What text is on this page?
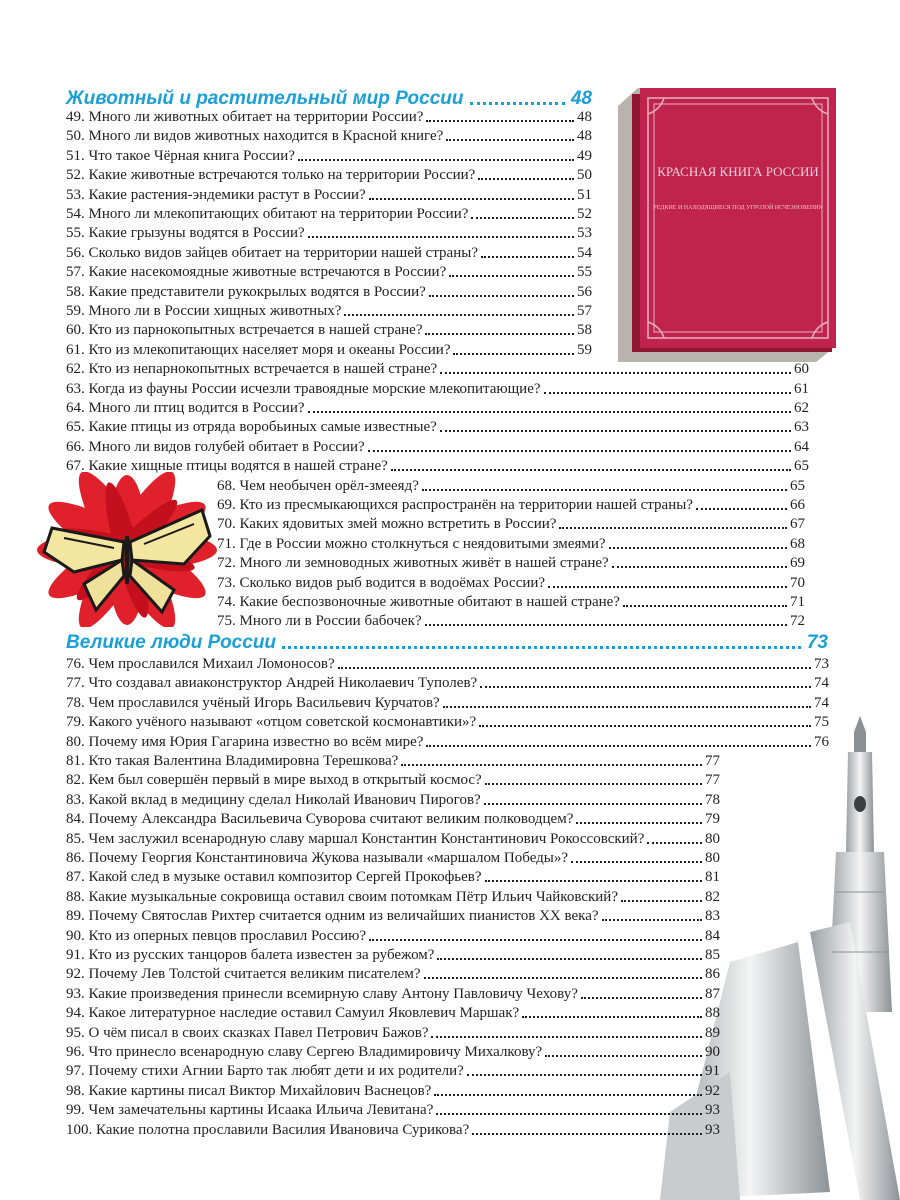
КРАСНАЯ КНИГА РОССИИ
РЕДКИЕ И НАХОДЯЩИЕСЯ ПОД УГРОЗОЙ ИСЧЕЗНОВЕНИЯ
Животный и растительный мир России	48
49. Много ли животных обитает на территории России?	48
50. Много ли видов животных находится в Красной книге?	48
51. Что такое Чёрная книга России?	49
52. Какие животные встречаются только на территории России?	50
53. Какие растения-эндемики растут в России?	51
54. Много ли млекопитающих обитают на территории России?	52
55. Какие грызуны водятся в России?	53
56. Сколько видов зайцев обитает на территории нашей страны?	54
57. Какие насекомоядные животные встречаются в России?	55
58. Какие представители рукокрылых водятся в России?	56
59. Много ли в России хищных животных?	57
60. Кто из парнокопытных встречается в нашей стране?	58
61. Кто из млекопитающих населяет моря и океаны России?	59
62. Кто из непарнокопытных встречается в нашей стране?	60
63. Когда из фауны России исчезли травоядные морские млекопитающие?	61
64. Много ли птиц водится в России?	62
65. Какие птицы из отряда воробьиных самые известные?	63
66. Много ли видов голубей обитает в России?	64
67. Какие хищные птицы водятся в нашей стране?	65
68. Чем необычен орёл-змееяд?	65
69. Кто из пресмыкающихся распространён на территории нашей страны?	66
70. Каких ядовитых змей можно встретить в России?	67
71. Где в России можно столкнуться с неядовитыми змеями?	68
72. Много ли земноводных животных живёт в нашей стране?	69
73. Сколько видов рыб водится в водоёмах России?	70
74. Какие беспозвоночные животные обитают в нашей стране?	71
75. Много ли в России бабочек?	72
Великие люди России	73
76. Чем прославился Михаил Ломоносов?	73
77. Что создавал авиаконструктор Андрей Николаевич Туполев?	74
78. Чем прославился учёный Игорь Васильевич Курчатов?	74
79. Какого учёного называют «отцом советской космонавтики»?	75
80. Почему имя Юрия Гагарина известно во всём мире?	76
81. Кто такая Валентина Владимировна Терешкова?	77
82. Кем был совершён первый в мире выход в открытый космос?	77
83. Какой вклад в медицину сделал Николай Иванович Пирогов?	78
84. Почему Александра Васильевича Суворова считают великим полководцем?	79
85. Чем заслужил всенародную славу маршал Константин Константинович Рокоссовский?	80
86. Почему Георгия Константиновича Жукова называли «маршалом Победы»?	80
87. Какой след в музыке оставил композитор Сергей Прокофьев?	81
88. Какие музыкальные сокровища оставил своим потомкам Пётр Ильич Чайковский?	82
89. Почему Святослав Рихтер считается одним из величайших пианистов XX века?	83
90. Кто из оперных певцов прославил Россию?	84
91. Кто из русских танцоров балета известен за рубежом?	85
92. Почему Лев Толстой считается великим писателем?	86
93. Какие произведения принесли всемирную славу Антону Павловичу Чехову?	87
94. Какое литературное наследие оставил Самуил Яковлевич Маршак?	88
95. О чём писал в своих сказках Павел Петрович Бажов?	89
96. Что принесло всенародную славу Сергею Владимировичу Михалкову?	90
97. Почему стихи Агнии Барто так любят дети и их родители?	91
98. Какие картины писал Виктор Михайлович Васнецов?	92
99. Чем замечательны картины Исаака Ильича Левитана?	93
100. Какие полотна прославили Василия Ивановича Сурикова?	93
